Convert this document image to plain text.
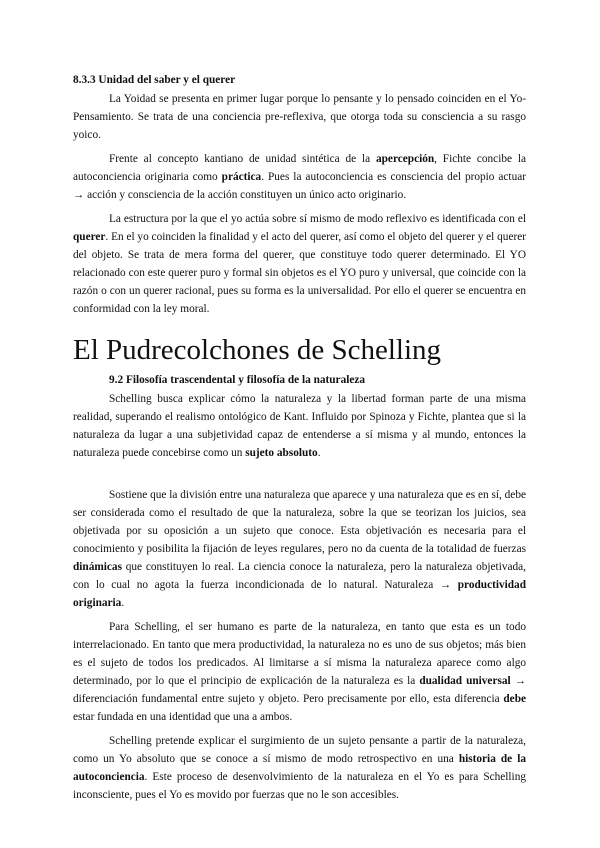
8.3.3 Unidad del saber y el querer

La Yoidad se presenta en primer lugar porque lo pensante y lo pensado coinciden en el Yo-Pensamiento. Se trata de una conciencia pre-reflexiva, que otorga toda su consciencia a su rasgo yoico.

Frente al concepto kantiano de unidad sintética de la apercepción, Fichte concibe la autoconciencia originaria como práctica. Pues la autoconciencia es consciencia del propio actuar → acción y consciencia de la acción constituyen un único acto originario.

La estructura por la que el yo actúa sobre sí mismo de modo reflexivo es identificada con el querer. En el yo coinciden la finalidad y el acto del querer, así como el objeto del querer y el querer del objeto. Se trata de mera forma del querer, que constituye todo querer determinado. El YO relacionado con este querer puro y formal sin objetos es el YO puro y universal, que coincide con la razón o con un querer racional, pues su forma es la universalidad. Por ello el querer se encuentra en conformidad con la ley moral.

El Pudrecolchones de Schelling
9.2 Filosofía trascendental y filosofía de la naturaleza

Schelling busca explicar cómo la naturaleza y la libertad forman parte de una misma realidad, superando el realismo ontológico de Kant. Influido por Spinoza y Fichte, plantea que si la naturaleza da lugar a una subjetividad capaz de entenderse a sí misma y al mundo, entonces la naturaleza puede concebirse como un sujeto absoluto.

Sostiene que la división entre una naturaleza que aparece y una naturaleza que es en sí, debe ser considerada como el resultado de que la naturaleza, sobre la que se teorizan los juicios, sea objetivada por su oposición a un sujeto que conoce. Esta objetivación es necesaria para el conocimiento y posibilita la fijación de leyes regulares, pero no da cuenta de la totalidad de fuerzas dinámicas que constituyen lo real. La ciencia conoce la naturaleza, pero la naturaleza objetivada, con lo cual no agota la fuerza incondicionada de lo natural. Naturaleza → productividad originaria.

Para Schelling, el ser humano es parte de la naturaleza, en tanto que esta es un todo interrelacionado. En tanto que mera productividad, la naturaleza no es uno de sus objetos; más bien es el sujeto de todos los predicados. Al limitarse a sí misma la naturaleza aparece como algo determinado, por lo que el principio de explicación de la naturaleza es la dualidad universal → diferenciación fundamental entre sujeto y objeto. Pero precisamente por ello, esta diferencia debe estar fundada en una identidad que una a ambos.

Schelling pretende explicar el surgimiento de un sujeto pensante a partir de la naturaleza, como un Yo absoluto que se conoce a sí mismo de modo retrospectivo en una historia de la autoconciencia. Este proceso de desenvolvimiento de la naturaleza en el Yo es para Schelling inconsciente, pues el Yo es movido por fuerzas que no le son accesibles.
